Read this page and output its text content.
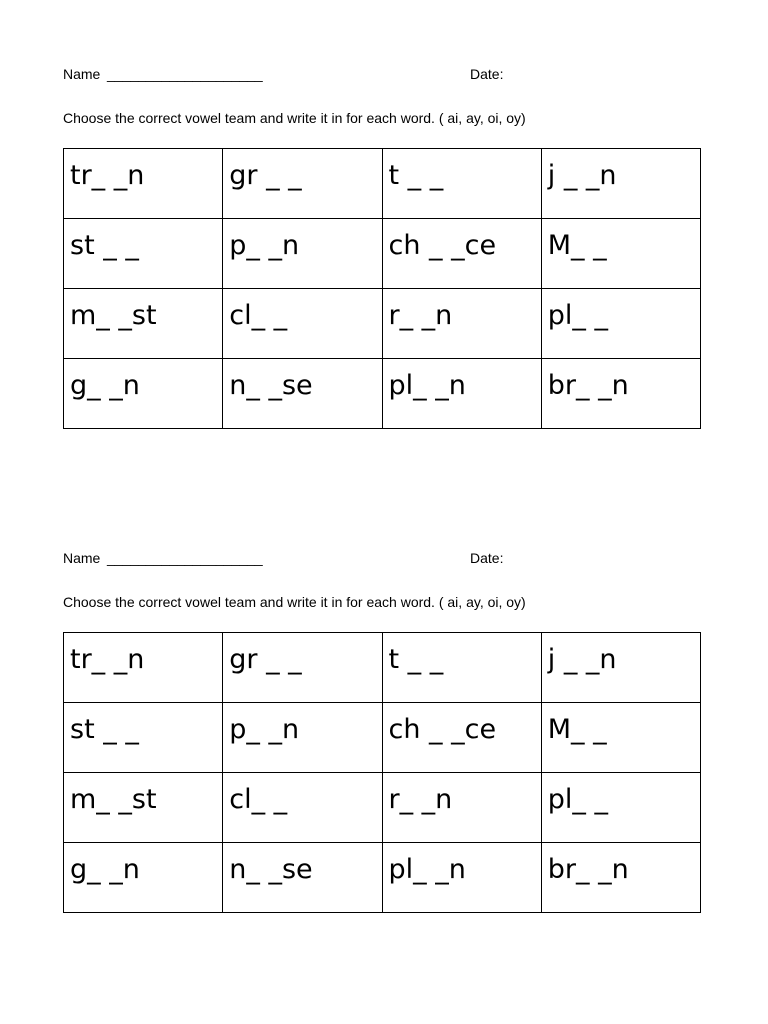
Name ____________________	Date:
Choose the correct vowel team and write it in for each word. ( ai, ay, oi, oy)
tr_ _n	gr _ _	t _ _	j _ _n
st _ _	p_ _n	ch _ _ce	M_ _
m_ _st	cl_ _	r_ _n	pl_ _
g_ _n	n_ _se	pl_ _n	br_ _n
Name ____________________	Date:
Choose the correct vowel team and write it in for each word. ( ai, ay, oi, oy)
tr_ _n	gr _ _	t _ _	j _ _n
st _ _	p_ _n	ch _ _ce	M_ _
m_ _st	cl_ _	r_ _n	pl_ _
g_ _n	n_ _se	pl_ _n	br_ _n
